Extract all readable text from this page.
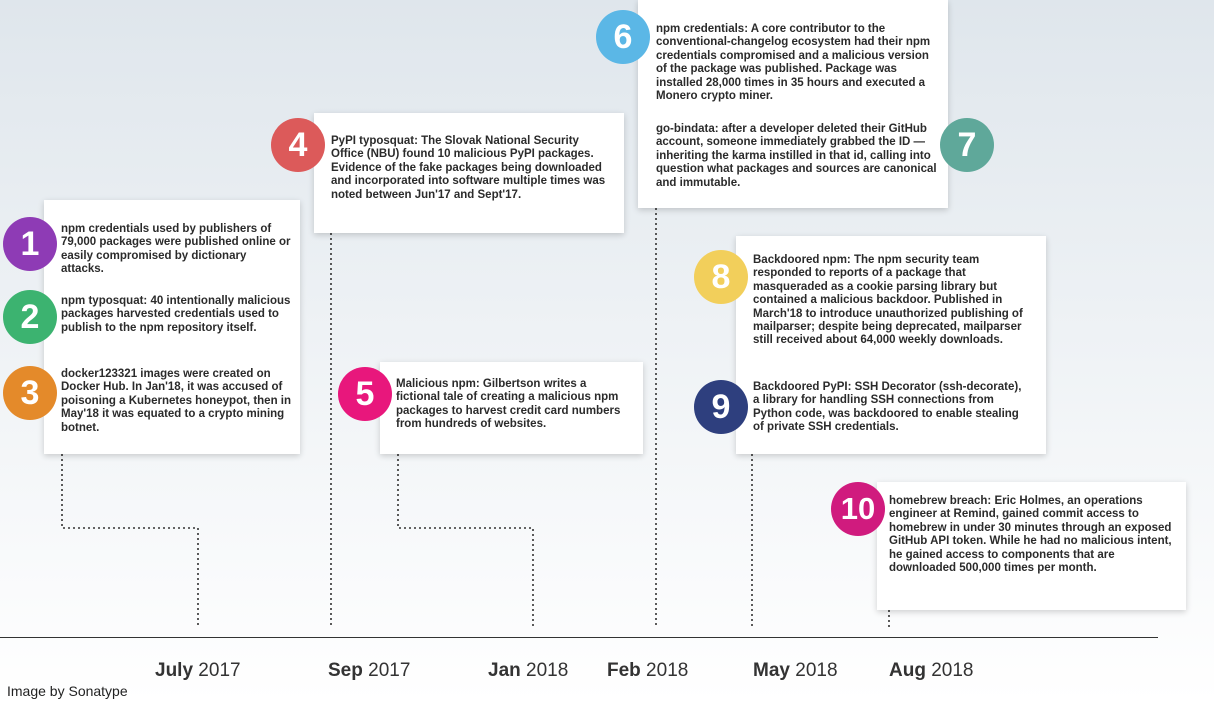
npm credentials used by publishers of 79,000 packages were published online or easily compromised by dictionary attacks.
npm typosquat: 40 intentionally malicious packages harvested credentials used to publish to the npm repository itself.
docker123321 images were created on Docker Hub. In Jan'18, it was accused of poisoning a Kubernetes honeypot, then in May'18 it was equated to a crypto mining botnet.
PyPI typosquat: The Slovak National Security Office (NBU) found 10 malicious PyPI packages. Evidence of the fake packages being downloaded and incorporated into software multiple times was noted between Jun'17 and Sept'17.
Malicious npm: Gilbertson writes a fictional tale of creating a malicious npm packages to harvest credit card numbers from hundreds of websites.
npm credentials: A core contributor to the conventional-changelog ecosystem had their npm credentials compromised and a malicious version of the package was published. Package was installed 28,000 times in 35 hours and executed a Monero crypto miner.
go-bindata: after a developer deleted their GitHub account, someone immediately grabbed the ID — inheriting the karma instilled in that id, calling into question what packages and sources are canonical and immutable.
Backdoored npm: The npm security team responded to reports of a package that masqueraded as a cookie parsing library but contained a malicious backdoor. Published in March'18 to introduce unauthorized publishing of mailparser; despite being deprecated, mailparser still received about 64,000 weekly downloads.
Backdoored PyPI: SSH Decorator (ssh-decorate), a library for handling SSH connections from Python code, was backdoored to enable stealing of private SSH credentials.
homebrew breach: Eric Holmes, an operations engineer at Remind, gained commit access to homebrew in under 30 minutes through an exposed GitHub API token. While he had no malicious intent, he gained access to components that are downloaded 500,000 times per month.
1
2
3
4
5
6
7
8
9
10
July 2017	Sep 2017	Jan 2018 Feb 2018	May 2018	Aug 2018
Image by Sonatype
